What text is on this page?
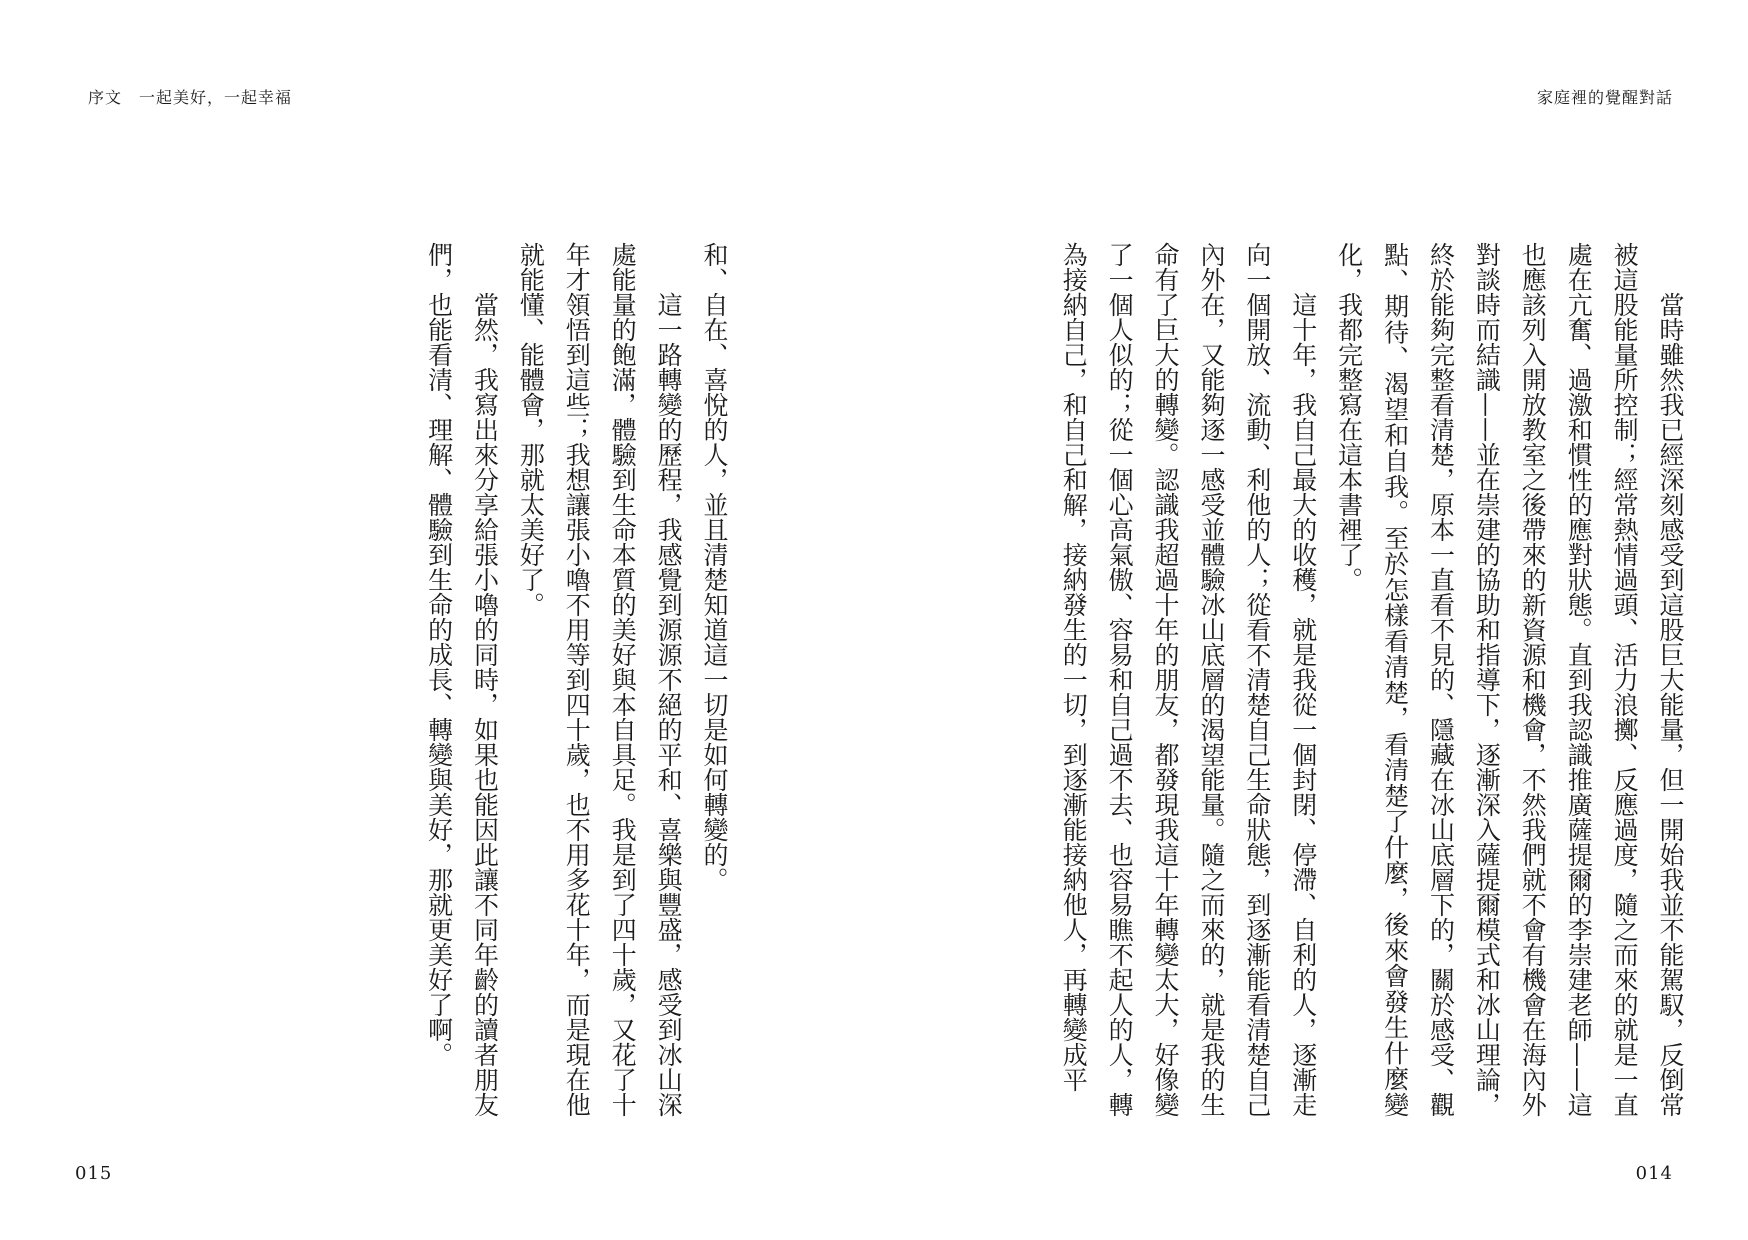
序文　一起美好，一起幸福	家庭裡的覺醒對話

當時雖然我已經深刻感受到這股巨大能量，但一開始我並不能駕馭，反倒常被這股能量所控制；經常熱情過頭、活力浪擲、反應過度，隨之而來的就是一直處在亢奮、過激和慣性的應對狀態。直到我認識推廣薩提爾的李崇建老師——這也應該列入開放教室之後帶來的新資源和機會，不然我們就不會有機會在海內外對談時而結識——並在崇建的協助和指導下，逐漸深入薩提爾模式和冰山理論，終於能夠完整看清楚，原本一直看不見的、隱藏在冰山底層下的，關於感受、觀點、期待、渴望和自我。至於怎樣看清楚，看清楚了什麼，後來會發生什麼變化，我都完整寫在這本書裡了。

這十年，我自己最大的收穫，就是我從一個封閉、停滯、自利的人，逐漸走向一個開放、流動、利他的人；從看不清楚自己生命狀態，到逐漸能看清楚自己內外在，又能夠逐一感受並體驗冰山底層的渴望能量。隨之而來的，就是我的生命有了巨大的轉變。認識我超過十年的朋友，都發現我這十年轉變太大，好像變了一個人似的；從一個心高氣傲、容易和自己過不去、也容易瞧不起人的人，轉為接納自己，和自己和解，接納發生的一切，到逐漸能接納他人，再轉變成平

和、自在、喜悅的人，並且清楚知道這一切是如何轉變的。

這一路轉變的歷程，我感覺到源源不絕的平和、喜樂與豐盛，感受到冰山深處能量的飽滿，體驗到生命本質的美好與本自具足。我是到了四十歲，又花了十年才領悟到這些；我想讓張小嚕不用等到四十歲，也不用多花十年，而是現在他就能懂、能體會，那就太美好了。

當然，我寫出來分享給張小嚕的同時，如果也能因此讓不同年齡的讀者朋友們，也能看清、理解、體驗到生命的成長、轉變與美好，那就更美好了啊。

015	014
